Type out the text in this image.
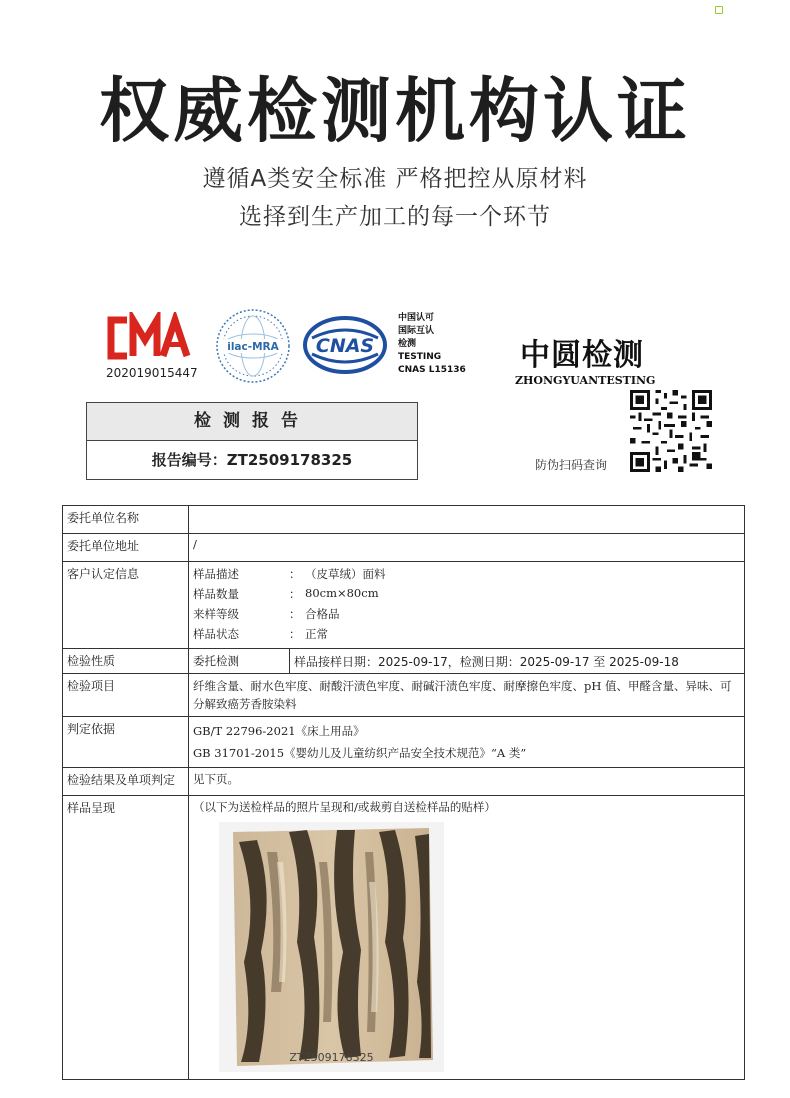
权威检测机构认证
遵循A类安全标准 严格把控从原材料
选择到生产加工的每一个环节
202019015447
ilac-MRA CNAS
中国认可
国际互认
检测
TESTING
CNAS L15136 中圆检测
ZHONGYUANTESTING
防伪扫码查询
检测报告
报告编号：ZT2509178325
委托单位名称	
委托单位地址	/
客户认定信息		样品描述	：	（皮草绒）面料
样品数量	：	80cm×80cm
来样等级	：	合格品
样品状态	：	正常

检验性质	委托检测	样品接样日期：2025-09-17，检测日期：2025-09-17 至 2025-09-18

检验项目	纤维含量、耐水色牢度、耐酸汗渍色牢度、耐碱汗渍色牢度、耐摩擦色牢度、pH 值、甲醛含量、异味、可分解致癌芳香胺染料
判定依据	GB/T 22796-2021《床上用品》
GB 31701-2015《婴幼儿及儿童纺织产品安全技术规范》“A 类”

检验结果及单项判定	见下页。
样品呈现	（以下为送检样品的照片呈现和/或裁剪自送检样品的贴样）
ZT2509178325
